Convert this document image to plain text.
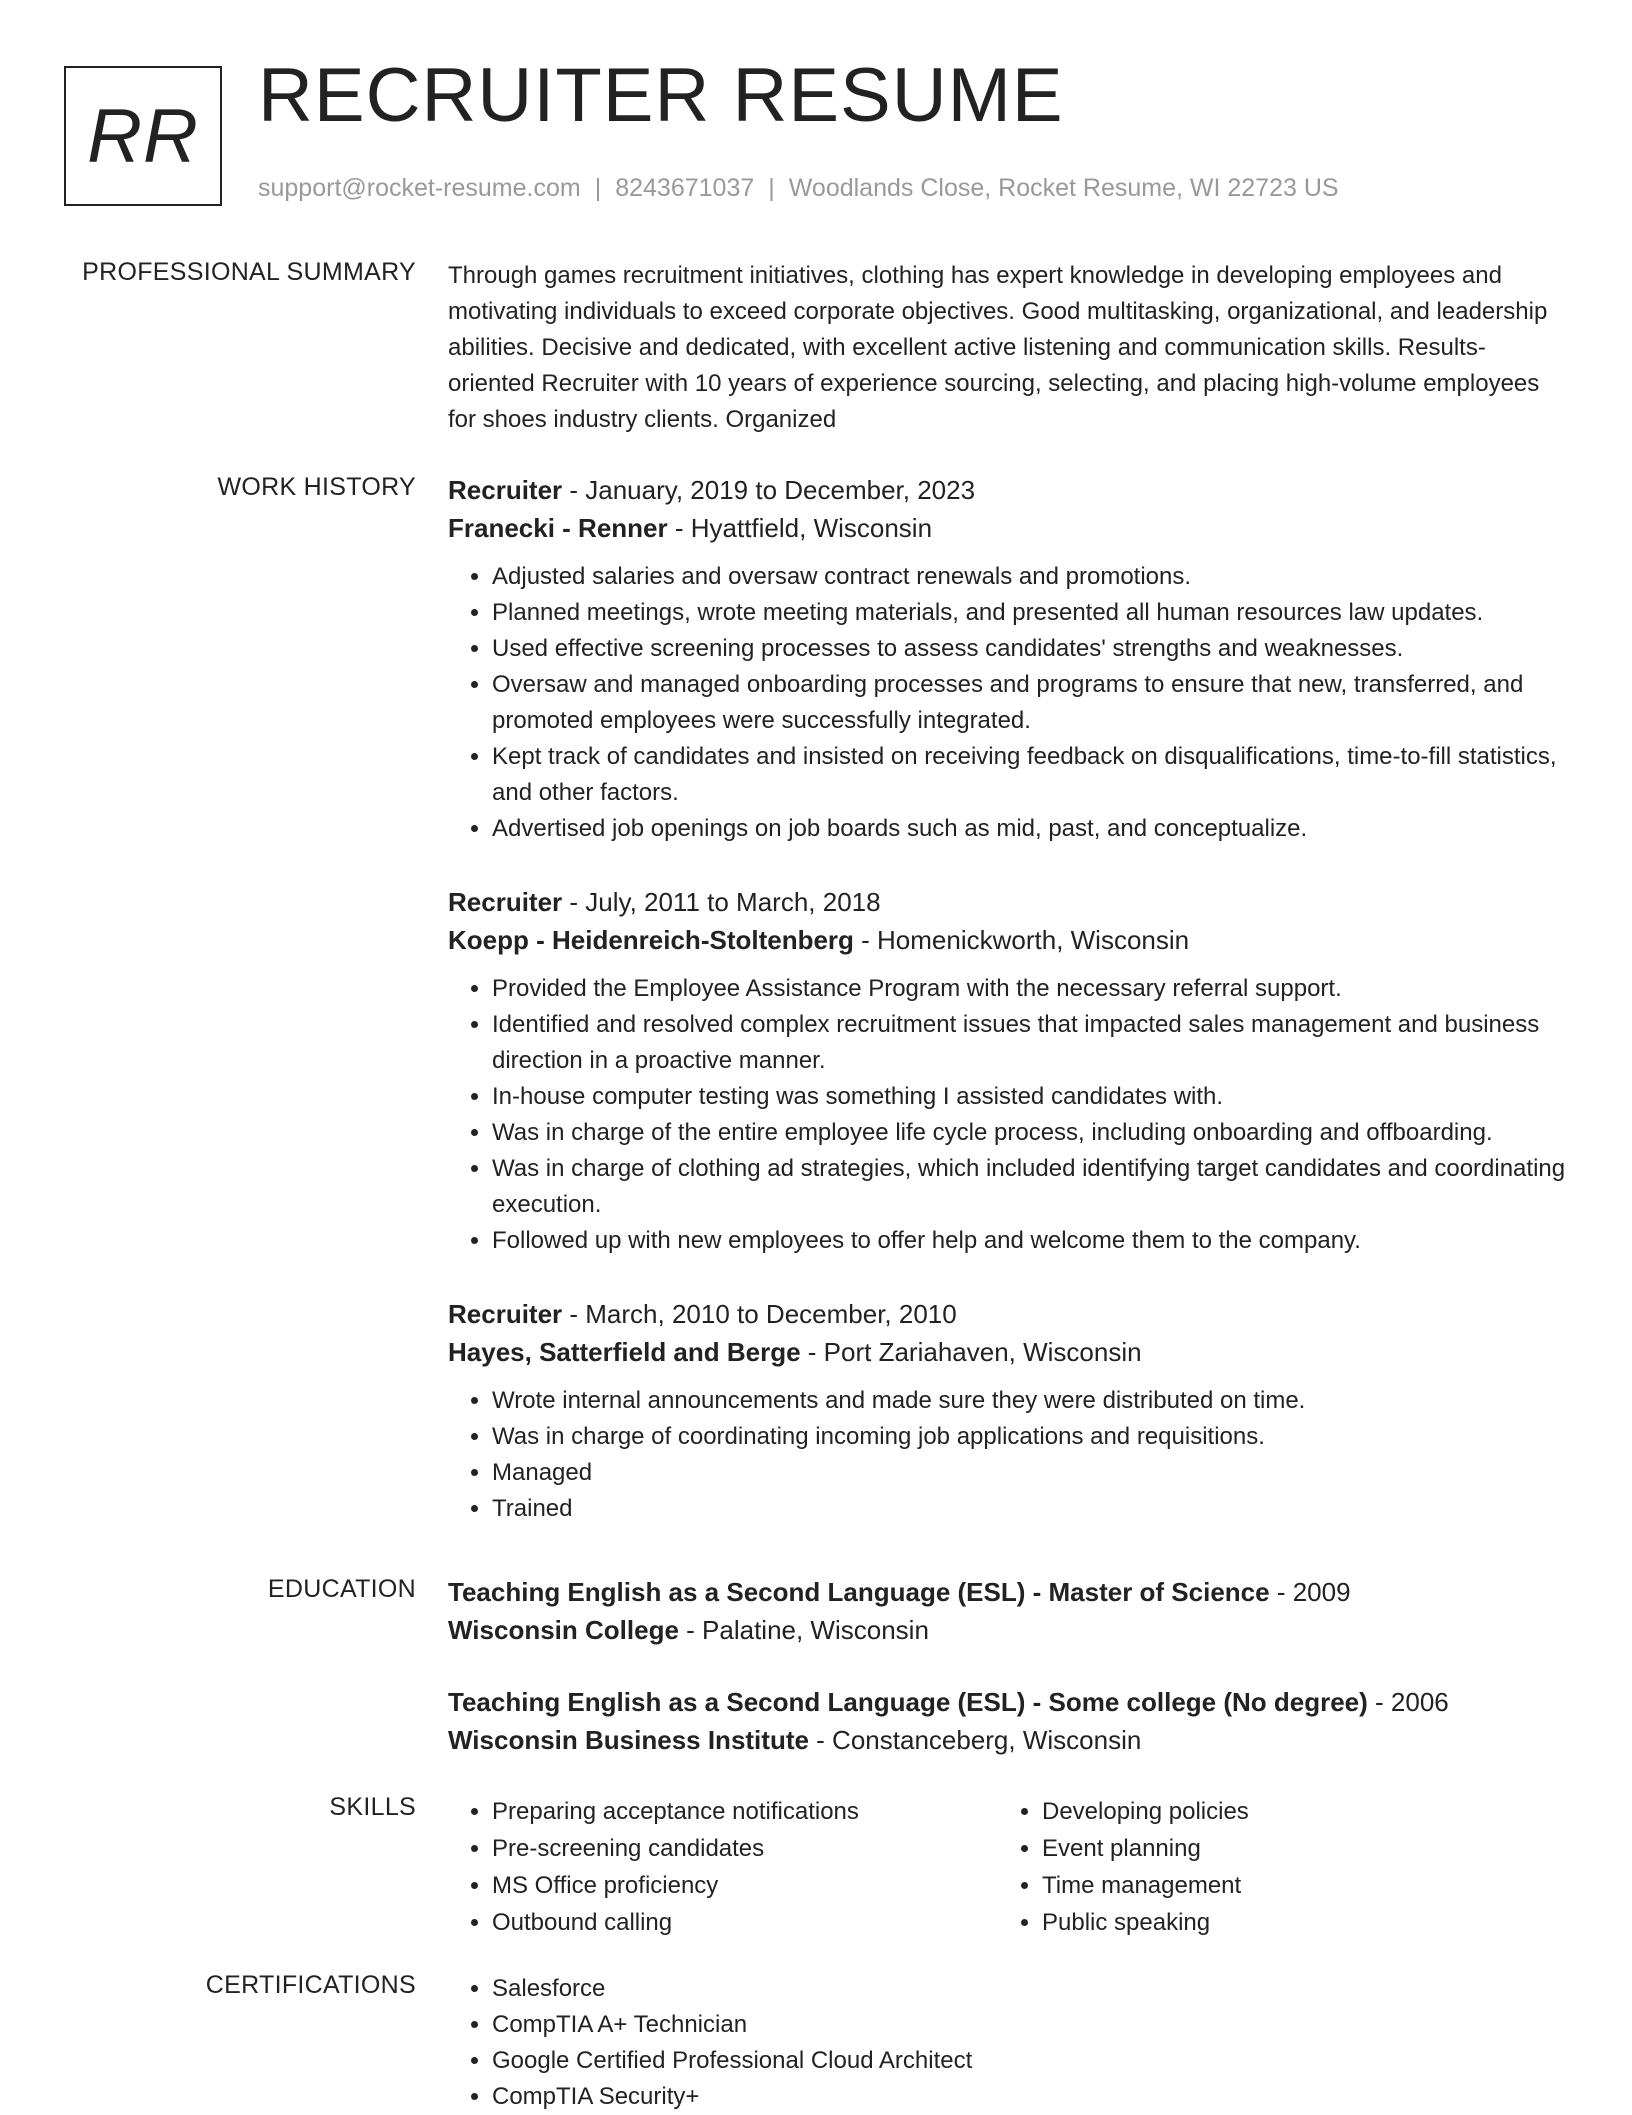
RR RECRUITER RESUME
support@rocket-resume.com | 8243671037 | Woodlands Close, Rocket Resume, WI 22723 US
PROFESSIONAL SUMMARY Through games recruitment initiatives, clothing has expert knowledge in developing employees and motivating individuals to exceed corporate objectives. Good multitasking, organizational, and leadership abilities. Decisive and dedicated, with excellent active listening and communication skills. Results-oriented Recruiter with 10 years of experience sourcing, selecting, and placing high-volume employees for shoes industry clients. Organized

WORK HISTORY Recruiter - January, 2019 to December, 2023

Franecki - Renner - Hyattfield, Wisconsin

• Adjusted salaries and oversaw contract renewals and promotions.
• Planned meetings, wrote meeting materials, and presented all human resources law updates.
• Used effective screening processes to assess candidates' strengths and weaknesses.
• Oversaw and managed onboarding processes and programs to ensure that new, transferred, and promoted employees were successfully integrated.
• Kept track of candidates and insisted on receiving feedback on disqualifications, time-to-fill statistics, and other factors.
• Advertised job openings on job boards such as mid, past, and conceptualize.

Recruiter - July, 2011 to March, 2018

Koepp - Heidenreich-Stoltenberg - Homenickworth, Wisconsin

• Provided the Employee Assistance Program with the necessary referral support.
• Identified and resolved complex recruitment issues that impacted sales management and business direction in a proactive manner.
• In-house computer testing was something I assisted candidates with.
• Was in charge of the entire employee life cycle process, including onboarding and offboarding.
• Was in charge of clothing ad strategies, which included identifying target candidates and coordinating execution.
• Followed up with new employees to offer help and welcome them to the company.

Recruiter - March, 2010 to December, 2010

Hayes, Satterfield and Berge - Port Zariahaven, Wisconsin

• Wrote internal announcements and made sure they were distributed on time.
• Was in charge of coordinating incoming job applications and requisitions.
• Managed
• Trained
EDUCATION Teaching English as a Second Language (ESL) - Master of Science - 2009

Wisconsin College - Palatine, Wisconsin

Teaching English as a Second Language (ESL) - Some college (No degree) - 2006

Wisconsin Business Institute - Constanceberg, Wisconsin

SKILLS	• Preparing acceptance notifications
• Pre-screening candidates
• MS Office proficiency
• Outbound calling
• Developing policies
• Event planning
• Time management
• Public speaking
CERTIFICATIONS	• Salesforce
• CompTIA A+ Technician
• Google Certified Professional Cloud Architect
• CompTIA Security+
